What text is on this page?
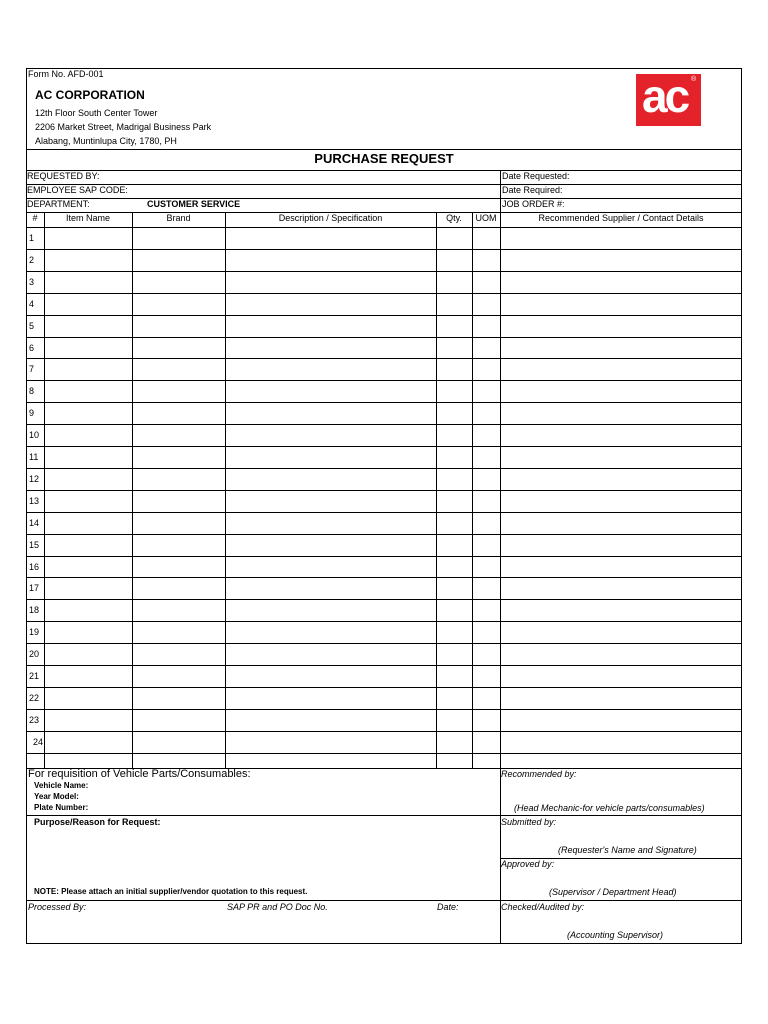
Form No. AFD-001
AC CORPORATION
12th Floor South Center Tower
2206 Market Street, Madrigal Business Park
Alabang, Muntinlupa City, 1780, PH
ac ®
PURCHASE REQUEST
REQUESTED BY:	Date Requested:
EMPLOYEE SAP CODE:	Date Required:
DEPARTMENT:	CUSTOMER SERVICE	JOB ORDER #:
#	Item Name	Brand	Description / Specification	Qty.	UOM	Recommended Supplier / Contact Details
1
2
3
4
5
6
7
8
9
10
11
12
13
14
15
16
17
18
19
20
21
22
23
24
For requisition of Vehicle Parts/Consumables:
Vehicle Name:
Year Model:
Plate Number:
Recommended by:
(Head Mechanic-for vehicle parts/consumables)
Purpose/Reason for Request:
NOTE: Please attach an initial supplier/vendor quotation to this request.
Submitted by:
(Requester's Name and Signature)
Approved by:
(Supervisor / Department Head)
Processed By:	SAP PR and PO Doc No.	Date:	Checked/Audited by:
(Accounting Supervisor)
